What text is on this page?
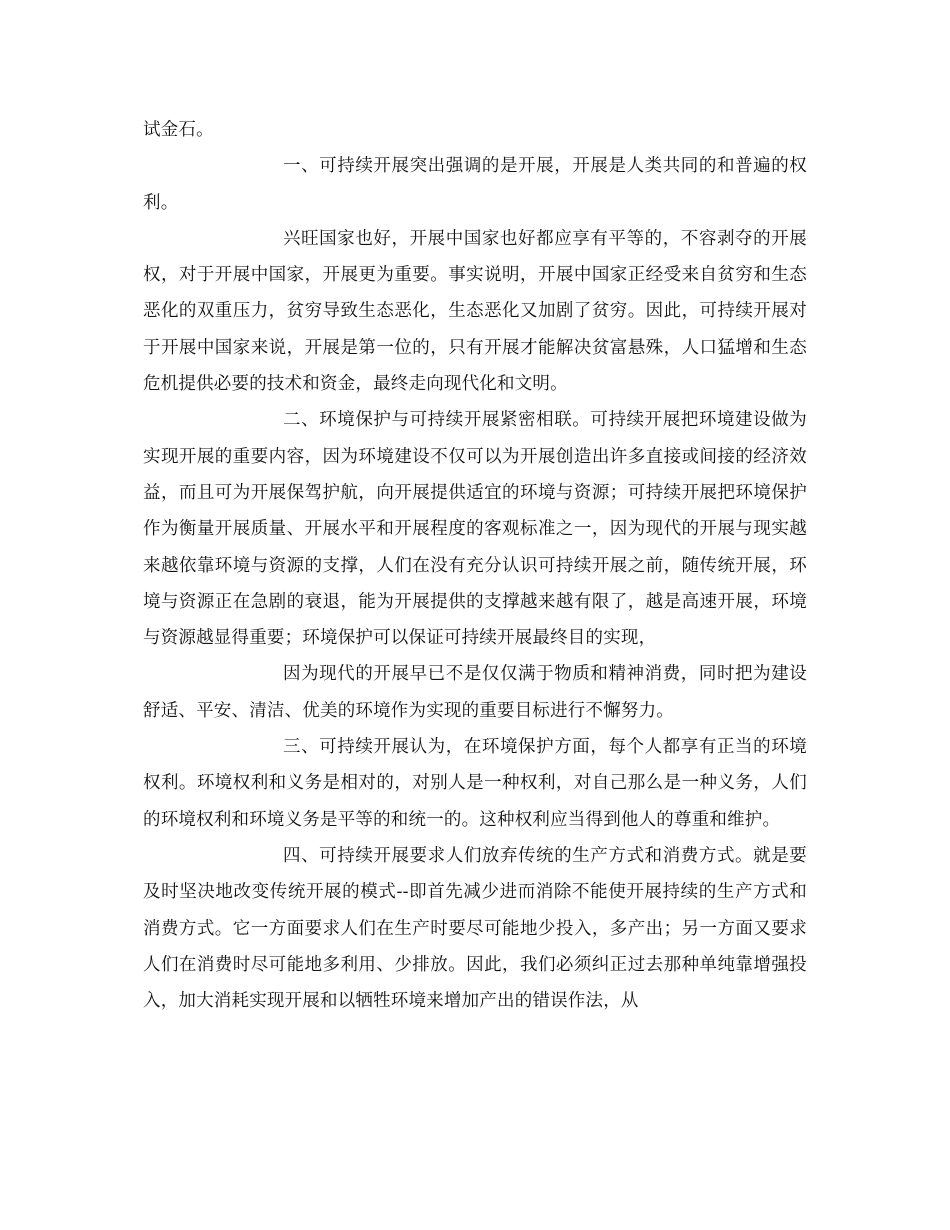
试金石。

一、可持续开展突出强调的是开展，开展是人类共同的和普遍的权利。

兴旺国家也好，开展中国家也好都应享有平等的，不容剥夺的开展权，对于开展中国家，开展更为重要。事实说明，开展中国家正经受来自贫穷和生态恶化的双重压力，贫穷导致生态恶化，生态恶化又加剧了贫穷。因此，可持续开展对于开展中国家来说，开展是第一位的，只有开展才能解决贫富悬殊，人口猛增和生态危机提供必要的技术和资金，最终走向现代化和文明。

二、环境保护与可持续开展紧密相联。可持续开展把环境建设做为实现开展的重要内容，因为环境建设不仅可以为开展创造出许多直接或间接的经济效益，而且可为开展保驾护航，向开展提供适宜的环境与资源；可持续开展把环境保护作为衡量开展质量、开展水平和开展程度的客观标准之一，因为现代的开展与现实越来越依靠环境与资源的支撑，人们在没有充分认识可持续开展之前，随传统开展，环境与资源正在急剧的衰退，能为开展提供的支撑越来越有限了，越是高速开展，环境与资源越显得重要；环境保护可以保证可持续开展最终目的实现，

因为现代的开展早已不是仅仅满于物质和精神消费，同时把为建设舒适、平安、清洁、优美的环境作为实现的重要目标进行不懈努力。

三、可持续开展认为，在环境保护方面，每个人都享有正当的环境权利。环境权利和义务是相对的，对别人是一种权利，对自己那么是一种义务，人们的环境权利和环境义务是平等的和统一的。这种权利应当得到他人的尊重和维护。

四、可持续开展要求人们放弃传统的生产方式和消费方式。就是要及时坚决地改变传统开展的模式--即首先减少进而消除不能使开展持续的生产方式和消费方式。它一方面要求人们在生产时要尽可能地少投入，多产出；另一方面又要求人们在消费时尽可能地多利用、少排放。因此，我们必须纠正过去那种单纯靠增强投入，加大消耗实现开展和以牺牲环境来增加产出的错误作法，从
